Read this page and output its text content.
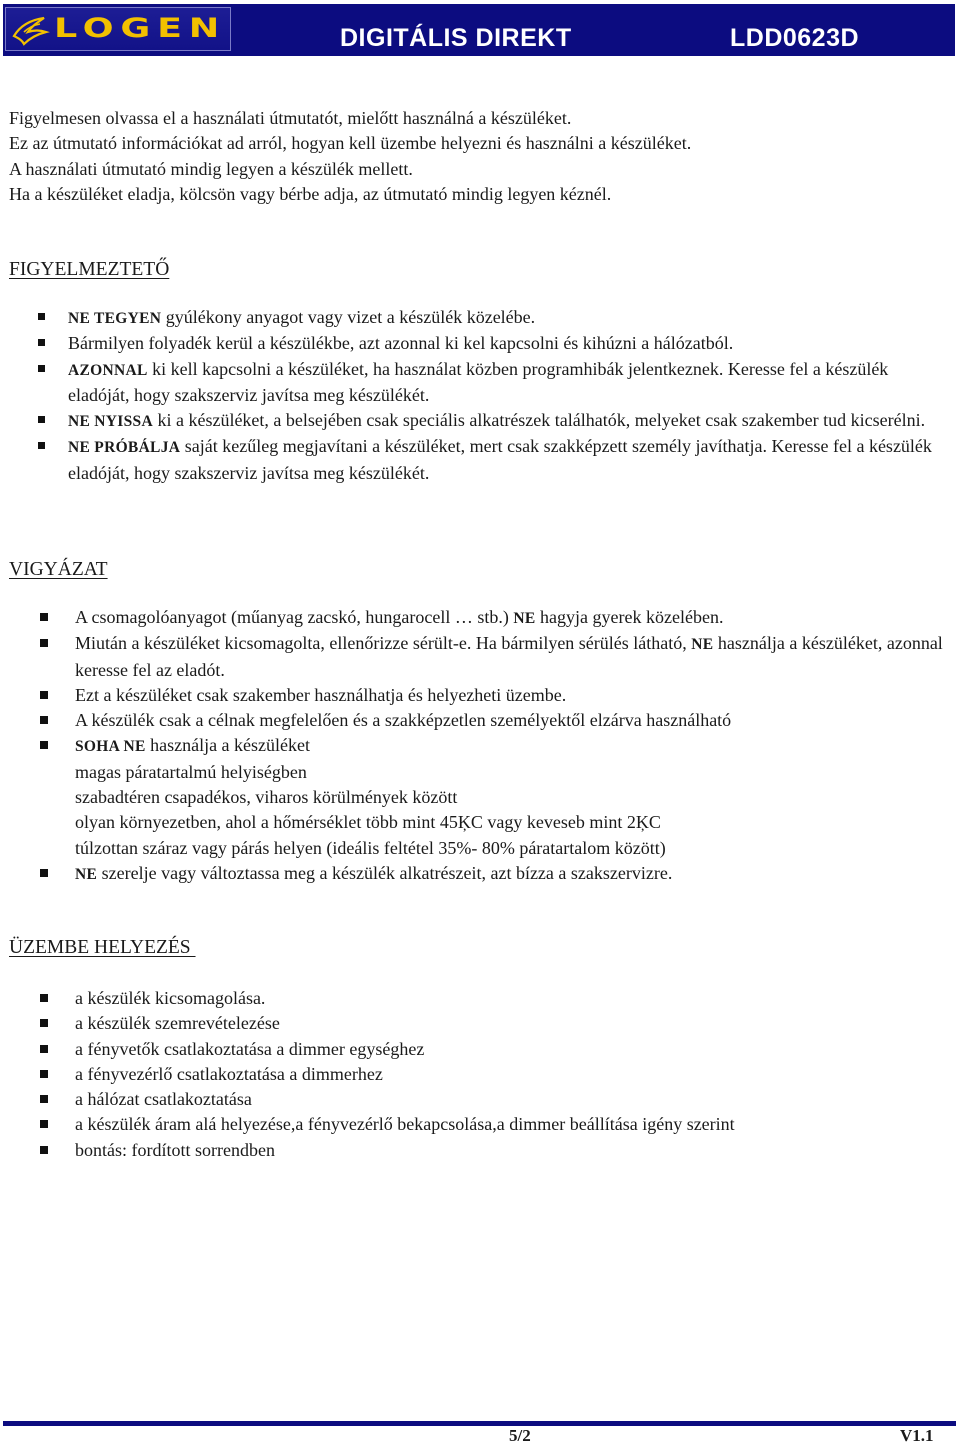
LOGEN	DIGITÁLIS DIREKT	LDD0623D
Figyelmesen olvassa el a használati útmutatót, mielőtt használná a készüléket.
Ez az útmutató információkat ad arról, hogyan kell üzembe helyezni és használni a készüléket.
A használati útmutató mindig legyen a készülék mellett.
Ha a készüléket eladja, kölcsön vagy bérbe adja, az útmutató mindig legyen kéznél.
FIGYELMEZTETŐ
NE TEGYEN gyúlékony anyagot vagy vizet a készülék közelébe.
Bármilyen folyadék kerül a készülékbe, azt azonnal ki kel kapcsolni és kihúzni a hálózatból.
AZONNAL ki kell kapcsolni a készüléket, ha használat közben programhibák jelentkeznek. Keresse fel a készülék eladóját, hogy szakszerviz javítsa meg készülékét.
NE NYISSA ki a készüléket, a belsejében csak speciális alkatrészek találhatók, melyeket csak szakember tud kicserélni.
NE PRÓBÁLJA saját kezűleg megjavítani a készüléket, mert csak szakképzett személy javíthatja. Keresse fel a készülék eladóját, hogy szakszerviz javítsa meg készülékét.
VIGYÁZAT
A csomagolóanyagot (műanyag zacskó, hungarocell … stb.) NE hagyja gyerek közelében.
Miután a készüléket kicsomagolta, ellenőrizze sérült-e. Ha bármilyen sérülés látható, NE használja a készüléket, azonnal keresse fel az eladót.
Ezt a készüléket csak szakember használhatja és helyezheti üzembe.
A készülék csak a célnak megfelelően és a szakképzetlen személyektől elzárva használható
SOHA NE használja a készüléket
magas páratartalmú helyiségben
szabadtéren csapadékos, viharos körülmények között
olyan környezetben, ahol a hőmérséklet több mint 45ĶC vagy keveseb mint 2ĶC
túlzottan száraz vagy párás helyen (ideális feltétel 35%- 80% páratartalom között)
NE szerelje vagy változtassa meg a készülék alkatrészeit, azt bízza a szakszervizre.
ÜZEMBE HELYEZÉS
a készülék kicsomagolása.
a készülék szemrevételezése
a fényvetők csatlakoztatása a dimmer egységhez
a fényvezérlő csatlakoztatása a dimmerhez
a hálózat csatlakoztatása
a készülék áram alá helyezése,a fényvezérlő bekapcsolása,a dimmer beállítása igény szerint
bontás: fordított sorrendben
5/2	V1.1
